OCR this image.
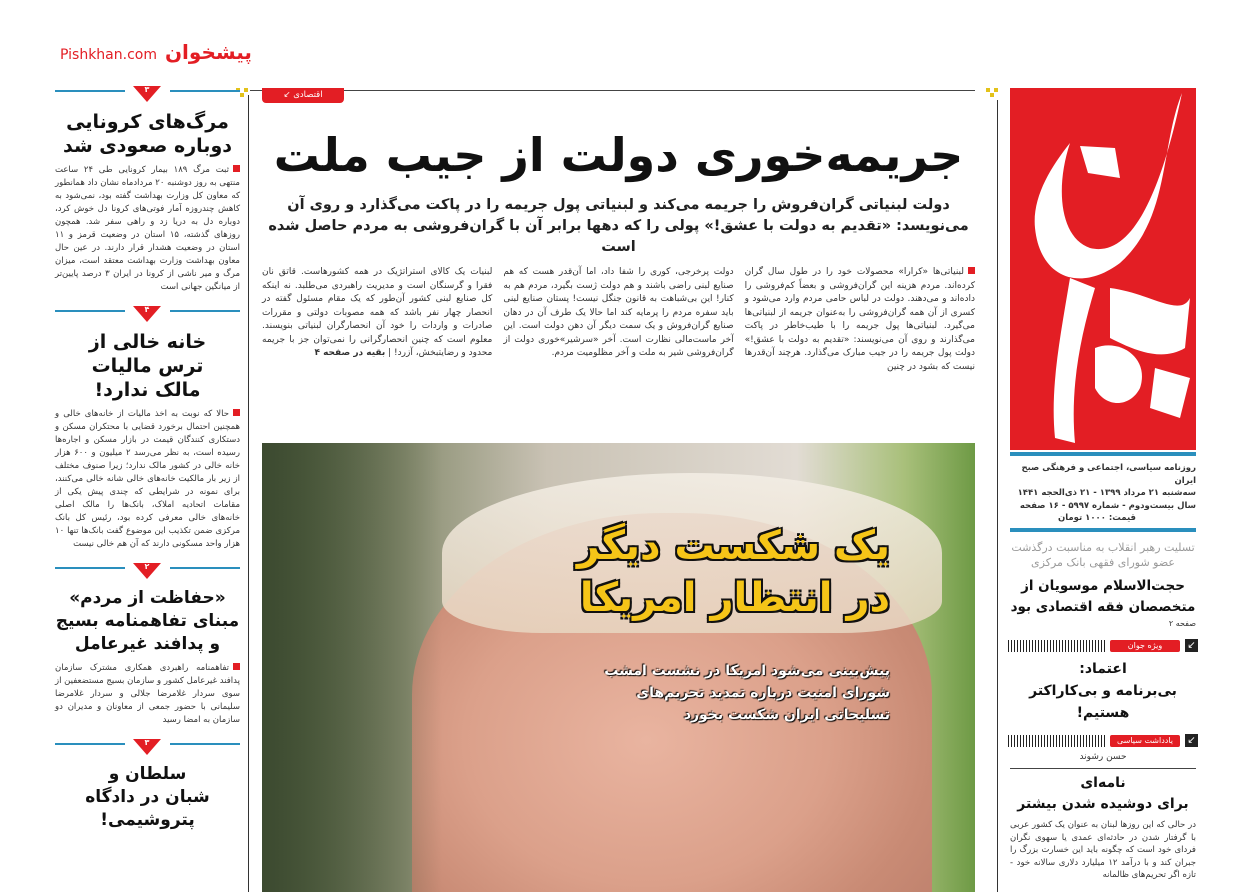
پیشخوان
Pishkhan.com
روزنامه سیاسی، اجتماعی و فرهنگی صبح ایران
سه‌شنبه ۲۱ مرداد ۱۳۹۹ - ۲۱ ذی‌الحجه ۱۴۴۱
سال بیست‌ودوم - شماره ۵۹۹۷ - ۱۶ صفحه
قیمت: ۱۰۰۰ تومان
تسلیت رهبر انقلاب به مناسبت درگذشت عضو شورای فقهی بانک مرکزی
حجت‌الاسلام موسویان از متخصصان فقه اقتصادی بود
صفحه ۲
↙
ویژه جوان
اعتماد:
بی‌برنامه و بی‌کاراکتر هستیم!
↙
یادداشت سیاسی
حسن رشوند
نامه‌ای
برای دوشیده شدن بیشتر
در حالی که این روزها لبنان به عنوان یک کشور عربی با گرفتار شدن در حادثه‌ای عمدی یا سهوی نگران فردای خود است که چگونه باید این خسارت بزرگ را جبران کند و با درآمد ۱۲ میلیارد دلاری سالانه خود - تازه اگر تحریم‌های ظالمانه
اقتصادی ↙
جریمه‌خوری دولت از جیب ملت
دولت لبنیاتی گران‌فروش را جریمه می‌کند و لبنیاتی پول جریمه را در پاکت می‌گذارد و روی آن
می‌نویسد: «تقدیم به دولت با عشق!» پولی را که دهها برابر آن با گران‌فروشی به مردم حاصل شده است
لبنیاتی‌ها «کرارا» محصولات خود را در طول سال گران کرده‌اند. مردم هزینه این گران‌فروشی و بعضاً کم‌فروشی را داده‌اند و می‌دهند. دولت در لباس حامی مردم وارد می‌شود و کسری از آن همه گران‌فروشی را به‌عنوان جریمه از لبنیاتی‌ها می‌گیرد. لبنیاتی‌ها پول جریمه را با طیب‌خاطر در پاکت می‌گذارند و روی آن می‌نویسند: «تقدیم به دولت با عشق!» دولت پول جریمه را در جیب مبارک می‌گذارد. هرچند آن‌قدرها نیست که بشود در چنین
دولت پرخرجی، کوری را شفا داد، اما آن‌قدر هست که هم صنایع لبنی راضی باشند و هم دولت ژست بگیرد، مردم هم به کنار! این بی‌شباهت به قانون جنگل نیست! پستان صنایع لبنی باید سفره مردم را پرمایه کند اما حالا یک طرف آن در دهان صنایع گران‌فروش و یک سمت دیگر آن دهن دولت است. این آخر ماست‌مالی نظارت است. آخر «سرشیر»خوری دولت از گران‌فروشی شیر به ملت و آخر مظلومیت مردم.
لبنیات یک کالای استراتژیک در همه کشورهاست. قاتق نان فقرا و گرسنگان است و مدیریت راهبردی می‌طلبد. نه اینکه کل صنایع لبنی کشور آن‌طور که یک مقام مسئول گفته در انحصار چهار نفر باشد که همه مصوبات دولتی و مقررات صادرات و واردات را خود آن انحصارگران لبنیاتی بنویسند. معلوم است که چنین انحصارگرانی را نمی‌توان جز با جریمه محدود و رضایتبخش، آزرد! | بقیه در صفحه ۴
یک شکست دیگر
در انتظار امریکا
پیش‌بینی می‌شود امریکا در نشست امشب
شورای امنیت درباره تمدید تحریم‌های
تسلیحاتی ایران شکست بخورد
۳
مرگ‌های کرونایی دوباره صعودی شد
ثبت مرگ ۱۸۹ بیمار کرونایی طی ۲۴ ساعت منتهی به روز دوشنبه ۲۰ مردادماه نشان داد همانطور که معاون کل وزارت بهداشت گفته بود، نمی‌شود به کاهش چندروزه آمار فوتی‌های کرونا دل خوش کرد، دوباره دل به دریا زد و راهی سفر شد. همچون روزهای گذشته، ۱۵ استان در وضعیت قرمز و ۱۱ استان در وضعیت هشدار قرار دارند. در عین حال معاون بهداشت وزارت بهداشت معتقد است، میزان مرگ و میر ناشی از کرونا در ایران ۳ درصد پایین‌تر از میانگین جهانی است
۴
خانه خالی از ترس مالیات مالک ندارد!
حالا که نوبت به اخذ مالیات از خانه‌های خالی و همچنین احتمال برخورد قضایی با محتکران مسکن و دستکاری کنندگان قیمت در بازار مسکن و اجاره‌ها رسیده است، به نظر می‌رسد ۲ میلیون و ۶۰۰ هزار خانه خالی در کشور مالک ندارد؛ زیرا صنوف مختلف از زیر بار مالکیت خانه‌های خالی شانه خالی می‌کنند، برای نمونه در شرایطی که چندی پیش یکی از مقامات اتحادیه املاک، بانک‌ها را مالک اصلی خانه‌های خالی معرفی کرده بود، رئیس کل بانک مرکزی ضمن تکذیب این موضوع گفت بانک‌ها تنها ۱۰ هزار واحد مسکونی دارند که آن هم خالی نیست
۲
«حفاظت از مردم» مبنای تفاهمنامه بسیج و پدافند غیرعامل
تفاهمنامه راهبردی همکاری مشترک سازمان پدافند غیرعامل کشور و سازمان بسیج مستضعفین از سوی سردار غلامرضا جلالی و سردار غلامرضا سلیمانی با حضور جمعی از معاونان و مدیران دو سازمان به امضا رسید
۳
سلطان و شبان در دادگاه پتروشیمی!
